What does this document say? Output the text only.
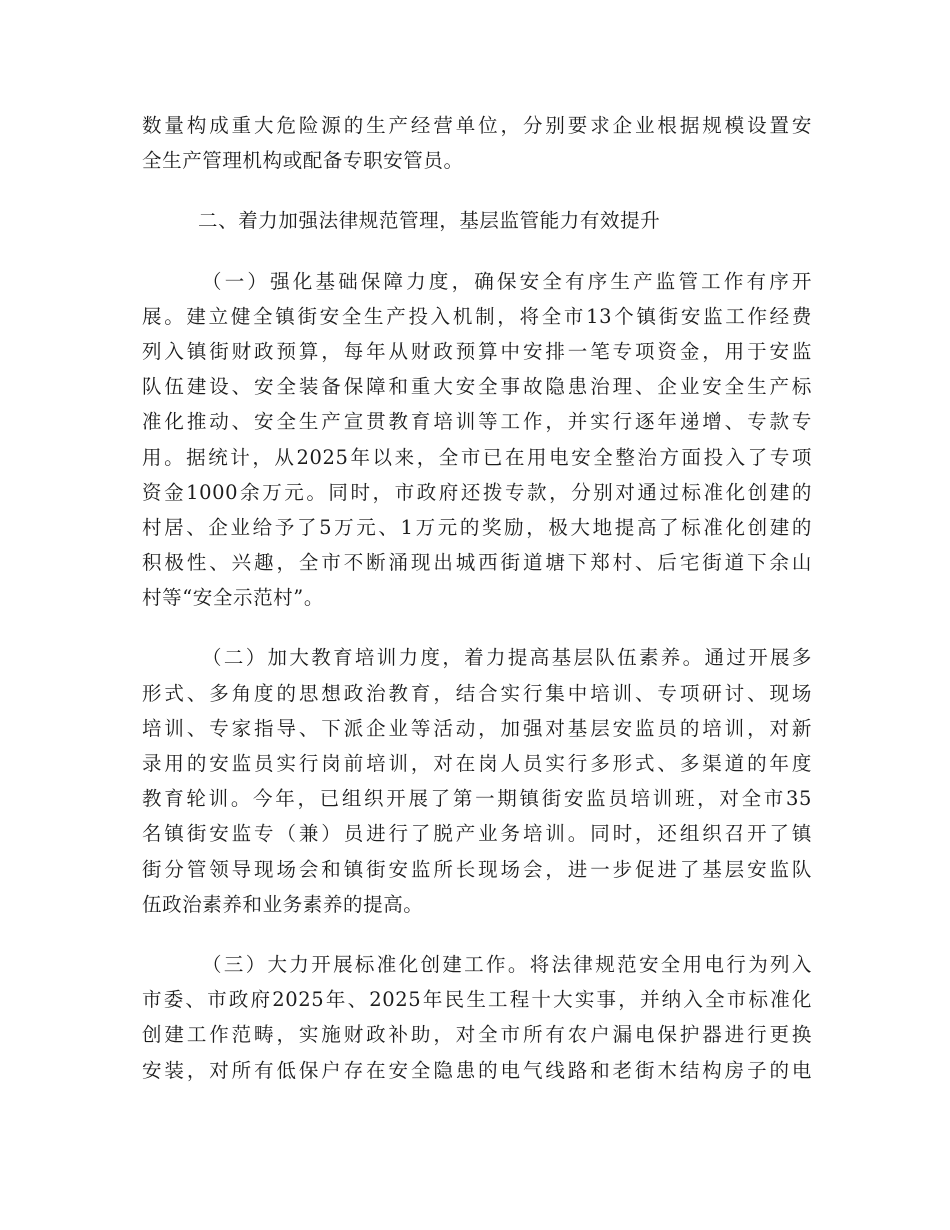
数量构成重大危险源的生产经营单位，分别要求企业根据规模设置安
全生产管理机构或配备专职安管员。
二、着力加强法律规范管理，基层监管能力有效提升
（一）强化基础保障力度，确保安全有序生产监管工作有序开
展。建立健全镇街安全生产投入机制，将全市13个镇街安监工作经费
列入镇街财政预算，每年从财政预算中安排一笔专项资金，用于安监
队伍建设、安全装备保障和重大安全事故隐患治理、企业安全生产标
准化推动、安全生产宣贯教育培训等工作，并实行逐年递增、专款专
用。据统计，从2025年以来，全市已在用电安全整治方面投入了专项
资金1000余万元。同时，市政府还拨专款，分别对通过标准化创建的
村居、企业给予了5万元、1万元的奖励，极大地提高了标准化创建的
积极性、兴趣，全市不断涌现出城西街道塘下郑村、后宅街道下余山
村等“安全示范村”。
（二）加大教育培训力度，着力提高基层队伍素养。通过开展多
形式、多角度的思想政治教育，结合实行集中培训、专项研讨、现场
培训、专家指导、下派企业等活动，加强对基层安监员的培训，对新
录用的安监员实行岗前培训，对在岗人员实行多形式、多渠道的年度
教育轮训。今年，已组织开展了第一期镇街安监员培训班，对全市35
名镇街安监专（兼）员进行了脱产业务培训。同时，还组织召开了镇
街分管领导现场会和镇街安监所长现场会，进一步促进了基层安监队
伍政治素养和业务素养的提高。
（三）大力开展标准化创建工作。将法律规范安全用电行为列入
市委、市政府2025年、2025年民生工程十大实事，并纳入全市标准化
创建工作范畴，实施财政补助，对全市所有农户漏电保护器进行更换
安装，对所有低保户存在安全隐患的电气线路和老街木结构房子的电
